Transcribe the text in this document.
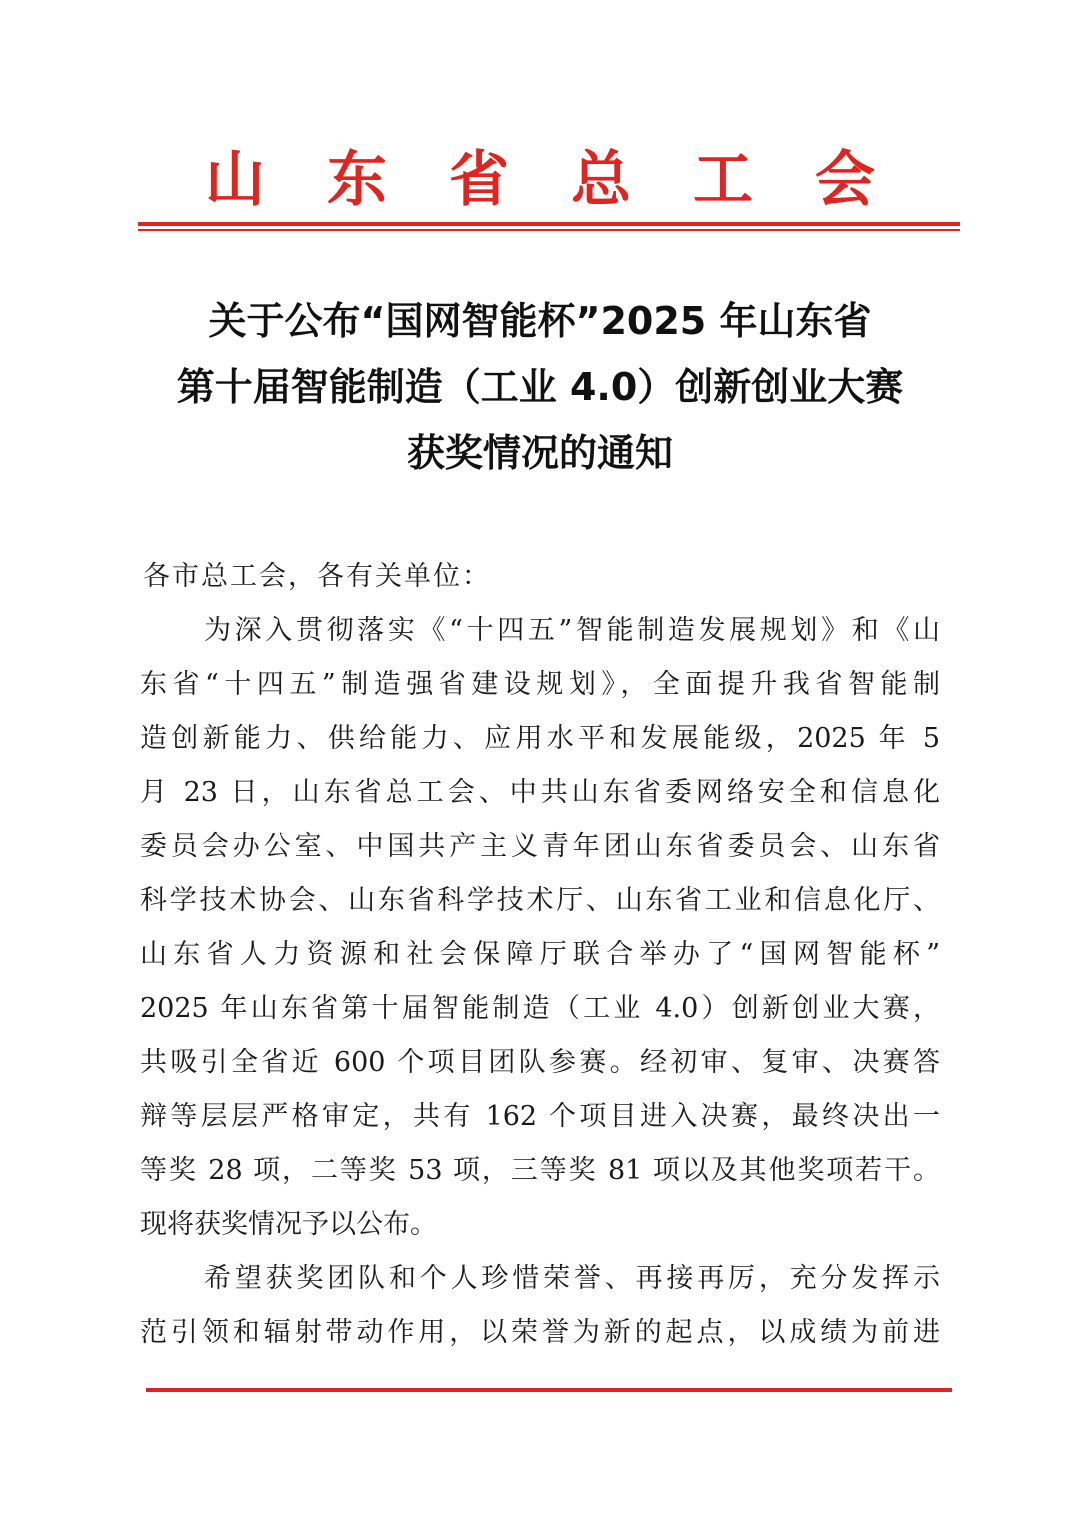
山东省总工会
关于公布“国网智能杯”2025 年山东省
第十届智能制造（工业 4.0）创新创业大赛
获奖情况的通知
各市总工会，各有关单位：
为深入贯彻落实《“十四五”智能制造发展规划》和《山
东省“十四五”制造强省建设规划》，全面提升我省智能制
造创新能力、供给能力、应用水平和发展能级，2025 年 5
月 23 日，山东省总工会、中共山东省委网络安全和信息化
委员会办公室、中国共产主义青年团山东省委员会、山东省
科学技术协会、山东省科学技术厅、山东省工业和信息化厅、
山东省人力资源和社会保障厅联合举办了“国网智能杯”
2025 年山东省第十届智能制造（工业 4.0）创新创业大赛，
共吸引全省近 600 个项目团队参赛。经初审、复审、决赛答
辩等层层严格审定，共有 162 个项目进入决赛，最终决出一
等奖 28 项，二等奖 53 项，三等奖 81 项以及其他奖项若干。
现将获奖情况予以公布。
希望获奖团队和个人珍惜荣誉、再接再厉，充分发挥示
范引领和辐射带动作用，以荣誉为新的起点，以成绩为前进
